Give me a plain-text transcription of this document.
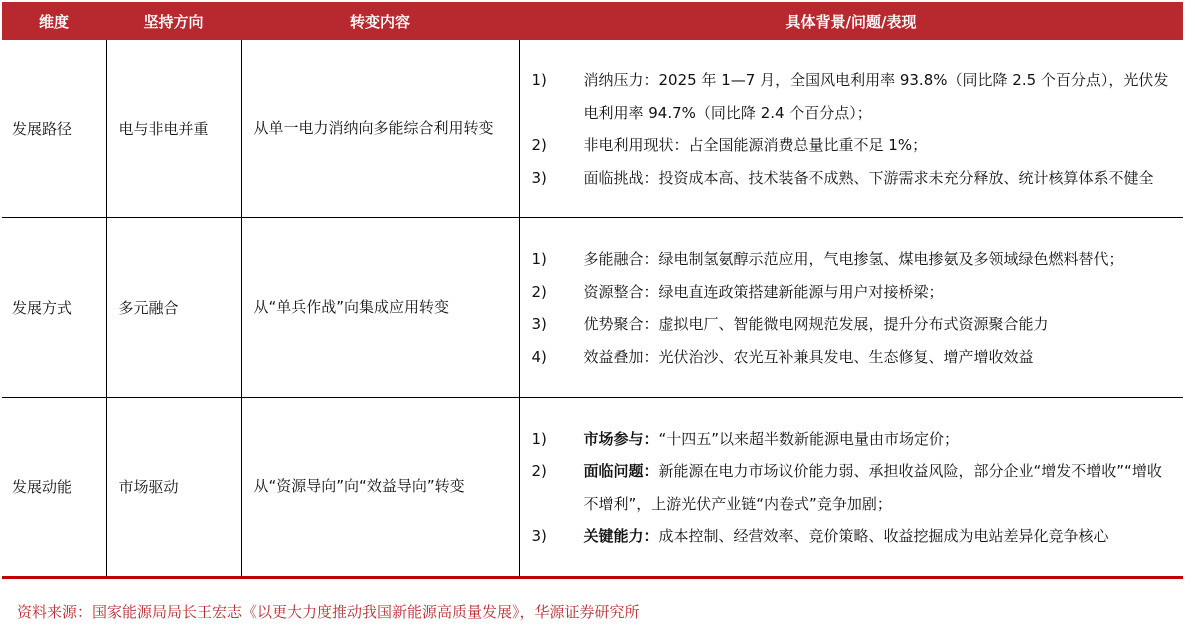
维度	坚持方向	转变内容	具体背景/问题/表现
发展路径	电与非电并重	从单一电力消纳向多能综合利用转变	
1)	消纳压力：2025 年 1—7 月，全国风电利用率 93.8%（同比降 2.5 个百分点），光伏发电利用率 94.7%（同比降 2.4 个百分点）；
2)	非电利用现状：占全国能源消费总量比重不足 1%；
3)	面临挑战：投资成本高、技术装备不成熟、下游需求未充分释放、统计核算体系不健全

发展方式	多元融合	从“单兵作战”向集成应用转变	
1)	多能融合：绿电制氢氨醇示范应用，气电掺氢、煤电掺氨及多领域绿色燃料替代；
2)	资源整合：绿电直连政策搭建新能源与用户对接桥梁；
3)	优势聚合：虚拟电厂、智能微电网规范发展，提升分布式资源聚合能力
4)	效益叠加：光伏治沙、农光互补兼具发电、生态修复、增产增收效益

发展动能	市场驱动	从“资源导向”向“效益导向”转变	
1)	市场参与：“十四五”以来超半数新能源电量由市场定价；
2)	面临问题：新能源在电力市场议价能力弱、承担收益风险，部分企业“增发不增收”“增收不增利”，上游光伏产业链“内卷式”竞争加剧；
3)	关键能力：成本控制、经营效率、竞价策略、收益挖掘成为电站差异化竞争核心
资料来源：国家能源局局长王宏志《以更大力度推动我国新能源高质量发展》，华源证券研究所
